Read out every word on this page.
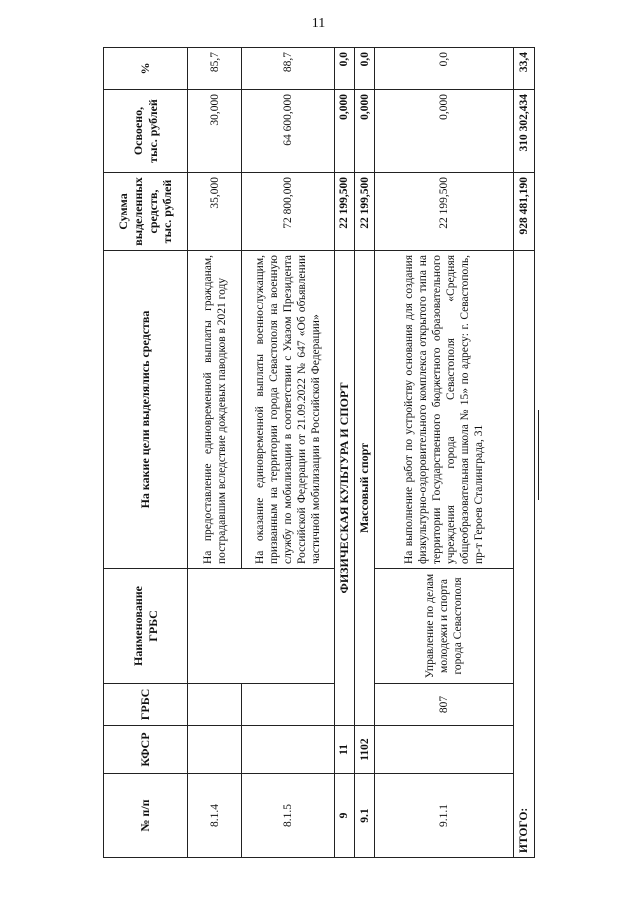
11
№ п/п	КФСР	ГРБС	Наименование ГРБС	На какие цели выделялись средства	Сумма выделенных средств, тыс. рублей	Освоено, тыс. рублей	%
8.1.4				На предоставление единовременной выплаты гражданам, пострадавшим вследствие дождевых паводков в 2021 году	35,000	30,000	85,7
8.1.5				На оказание единовременной выплаты военнослужащим, призванным на территории города Севастополя на военную службу по мобилизации в соответствии с Указом Президента Российской Федерации от 21.09.2022 № 647 «Об объявлении частичной мобилизации в Российской Федерации»	72 800,000	64 600,000	88,7
9	11	ФИЗИЧЕСКАЯ КУЛЬТУРА И СПОРТ			22 199,500	0,000	0,0
9.1	1102	Массовый спорт			22 199,500	0,000	0,0
9.1.1		807	Управление по делам молодежи и спорта города Севастополя	На выполнение работ по устройству основания для создания физкультурно-оздоровительного комплекса открытого типа на территории Государственного бюджетного образовательного учреждения города Севастополя «Средняя общеобразовательная школа № 15» по адресу: г. Севастополь, пр-т Героев Сталинграда, 31	22 199,500	0,000	0,0
ИТОГО:					928 481,190	310 302,434	33,4
